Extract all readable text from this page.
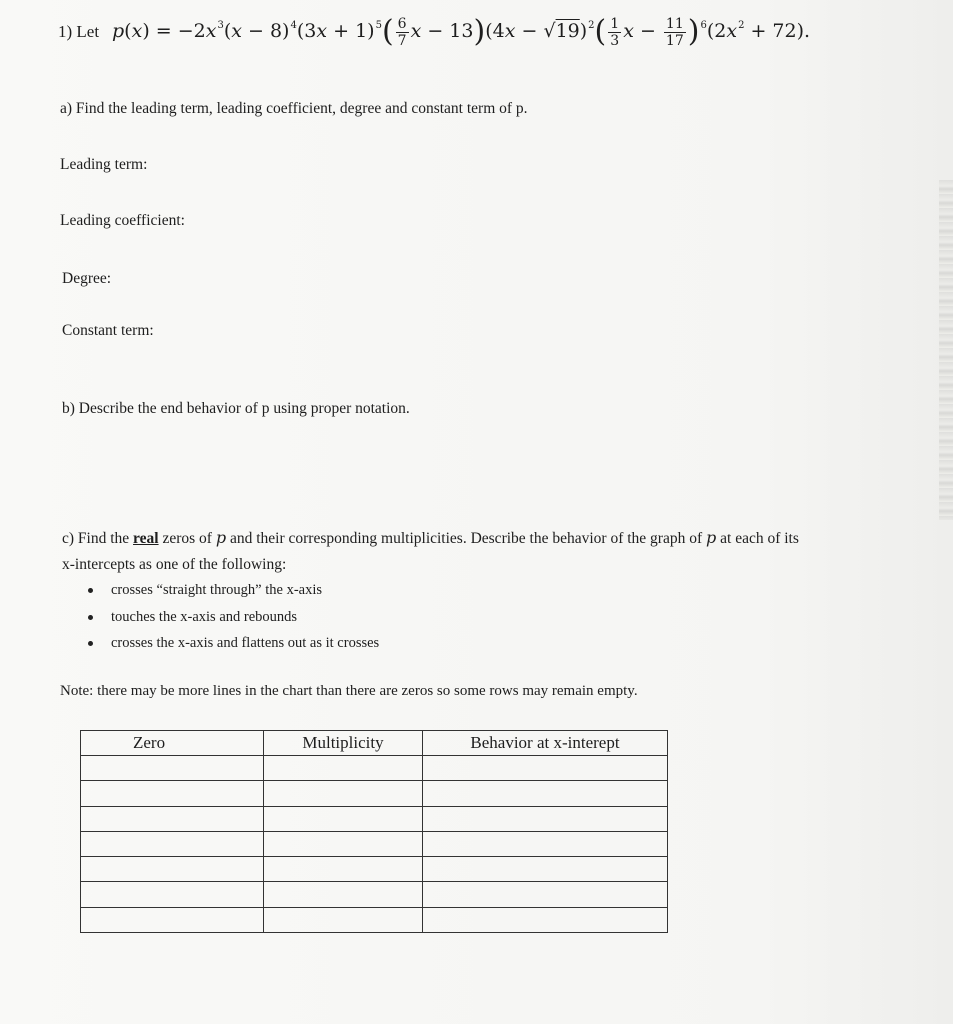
1) Let $p(x) = -2x^3(x - 8)^4(3x + 1)^5( \frac{6}{7}$ $x - 13)(4x - √19)^2( \frac{1}{3}$ $x - \frac{11}{17} )^6(2x^2 + 72)$.
a) Find the leading term, leading coefficient, degree and constant term of p.
Leading term:
Leading coefficient:
Degree:
Constant term:
b) Describe the end behavior of p using proper notation.
c) Find the real zeros of p and their corresponding multiplicities. Describe the behavior of the graph of p at each of its
x-intercepts as one of the following:
crosses “straight through” the x-axis
touches the x-axis and rebounds
crosses the x-axis and flattens out as it crosses
Note: there may be more lines in the chart than there are zeros so some rows may remain empty.
Zero	Multiplicity	Behavior at x-interept
